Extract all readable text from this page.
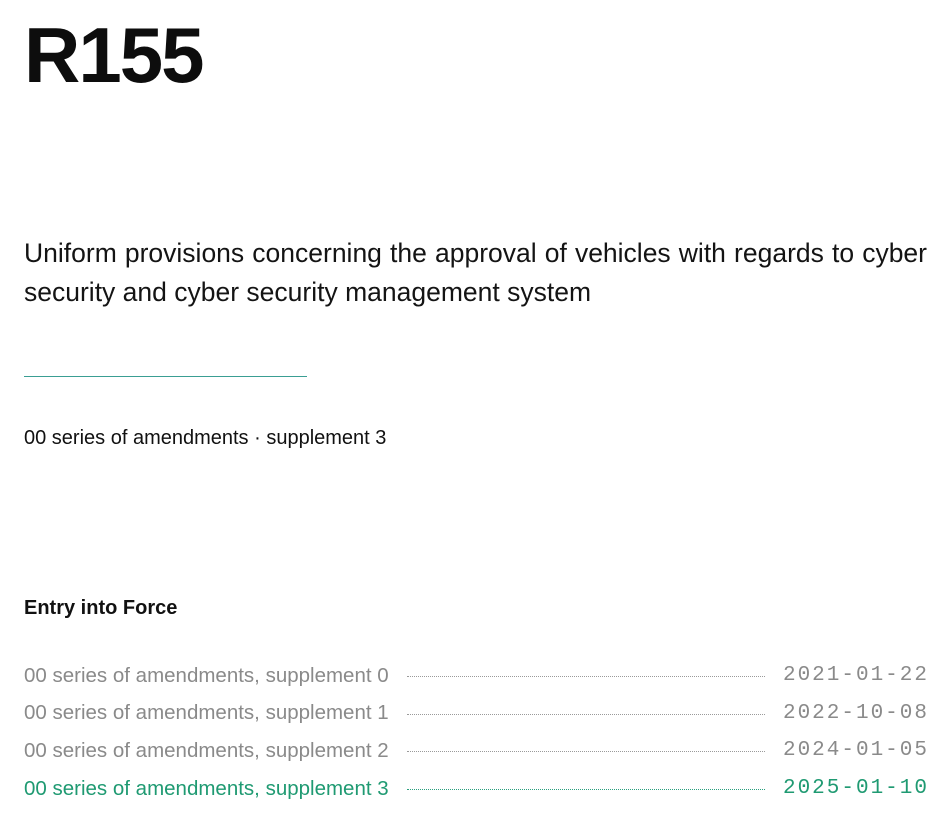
R155

Uniform provisions concerning the approval of vehicles with regards to cyber security and cyber security management system

00 series of amendments · supplement 3

Entry into Force
00 series of amendments, supplement 0	2021-01-22
00 series of amendments, supplement 1	2022-10-08
00 series of amendments, supplement 2	2024-01-05
00 series of amendments, supplement 3	2025-01-10
